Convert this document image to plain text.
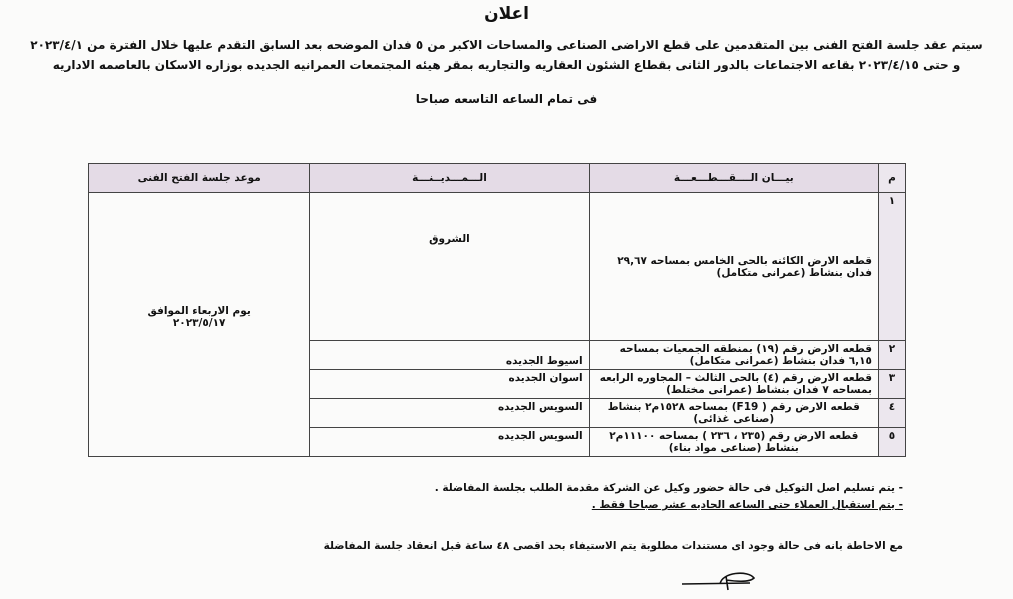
اعلان
سيتم عقد جلسة الفتح الفنى بين المتقدمين على قطع الاراضى الصناعى والمساحات الاكبر من ٥ فدان الموضحه بعد السابق التقدم عليها خلال الفترة من ٢٠٢٣/٤/١
و حتى ٢٠٢٣/٤/١٥ بقاعه الاجتماعات بالدور الثانى بقطاع الشئون العقاريه والتجاريه بمقر هيئه المجتمعات العمرانيه الجديده بوزاره الاسكان بالعاصمه الاداريه
فى تمام الساعه التاسعه صباحا
م	بيـــان الــــقـــطـــعـــة	الـــمـــديــنـــة	موعد جلسة الفتح الفنى
١	قطعه الارض الكائنه بالحى الخامس بمساحه ٢٩,٦٧ فدان بنشاط (عمرانى متكامل)	الشروق	يوم الاربعاء الموافق
٢٠٢٣/٥/١٧

٢	قطعه الارض رقم (١٩) بمنطقه الجمعيات بمساحه ٦,١٥ فدان بنشاط (عمرانى متكامل)	اسيوط الجديده	
٣	قطعه الارض رقم (٤) بالحى الثالث – المجاوره الرابعه بمساحه ٧ فدان بنشاط (عمرانى مختلط)	اسوان الجديده	
٤	قطعه الارض رقم ( F19) بمساحه ١٥٢٨م٢ بنشاط (صناعى غذائى)	السويس الجديده	
٥	قطعه الارض رقم (٢٣٥ ، ٢٣٦ ) بمساحه ١١١٠٠م٢ بنشاط (صناعى مواد بناء)	السويس الجديده	
- يتم تسليم اصل التوكيل فى حالة حضور وكيل عن الشركة مقدمة الطلب بجلسة المفاضلة .
- يتم استقبال العملاء حتى الساعه الحاديه عشر صباحا فقط .
مع الاحاطة بانه فى حالة وجود اى مستندات مطلوبة يتم الاستيفاء بحد اقصى ٤٨ ساعة قبل انعقاد جلسة المفاضلة
